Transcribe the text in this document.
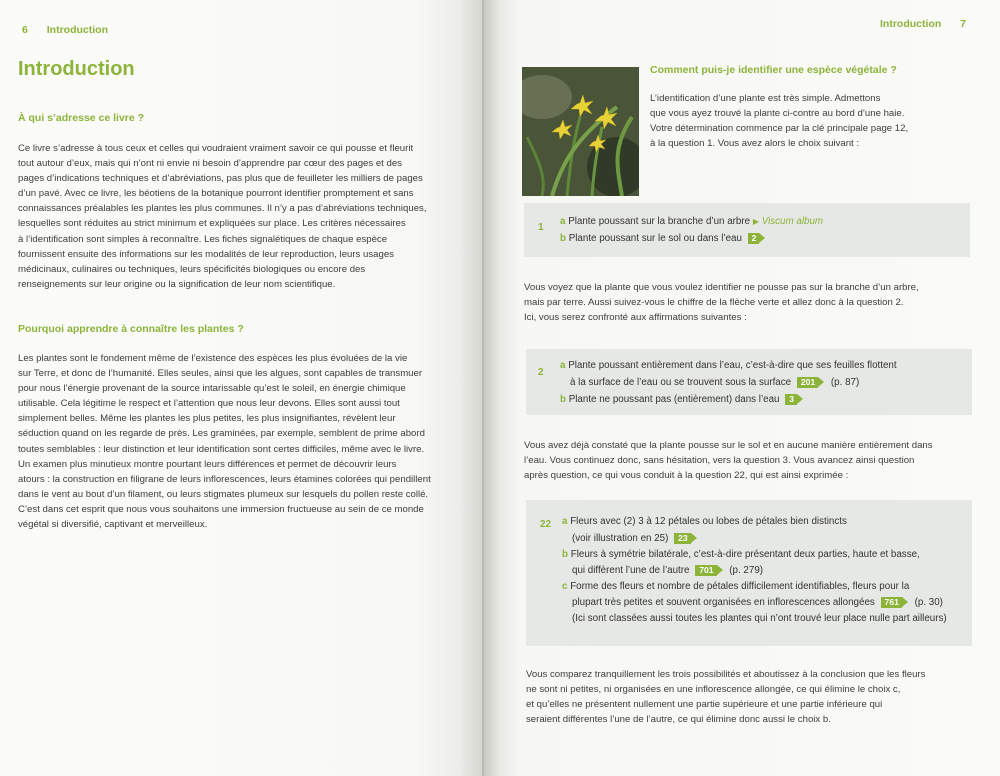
6 Introduction
Introduction
À qui s’adresse ce livre ?
Ce livre s’adresse à tous ceux et celles qui voudraient vraiment savoir ce qui pousse et fleurit
tout autour d’eux, mais qui n’ont ni envie ni besoin d’apprendre par cœur des pages et des
pages d’indications techniques et d’abréviations, pas plus que de feuilleter les milliers de pages
d’un pavé. Avec ce livre, les béotiens de la botanique pourront identifier promptement et sans
connaissances préalables les plantes les plus communes. Il n’y a pas d’abréviations techniques,
lesquelles sont réduites au strict minimum et expliquées sur place. Les critères nécessaires
à l’identification sont simples à reconnaître. Les fiches signalétiques de chaque espèce
fournissent ensuite des informations sur les modalités de leur reproduction, leurs usages
médicinaux, culinaires ou techniques, leurs spécificités biologiques ou encore des
renseignements sur leur origine ou la signification de leur nom scientifique.
Pourquoi apprendre à connaître les plantes ?
Les plantes sont le fondement même de l’existence des espèces les plus évoluées de la vie
sur Terre, et donc de l’humanité. Elles seules, ainsi que les algues, sont capables de transmuer
pour nous l’énergie provenant de la source intarissable qu’est le soleil, en énergie chimique
utilisable. Cela légitime le respect et l’attention que nous leur devons. Elles sont aussi tout
simplement belles. Même les plantes les plus petites, les plus insignifiantes, révèlent leur
séduction quand on les regarde de près. Les graminées, par exemple, semblent de prime abord
toutes semblables : leur distinction et leur identification sont certes difficiles, même avec le livre.
Un examen plus minutieux montre pourtant leurs différences et permet de découvrir leurs
atours : la construction en filigrane de leurs inflorescences, leurs étamines colorées qui pendillent
dans le vent au bout d’un filament, ou leurs stigmates plumeux sur lesquels du pollen reste collé.
C’est dans cet esprit que nous vous souhaitons une immersion fructueuse au sein de ce monde
végétal si diversifié, captivant et merveilleux.
Introduction 7
Comment puis-je identifier une espèce végétale ?
L’identification d’une plante est très simple. Admettons
que vous ayez trouvé la plante ci-contre au bord d’une haie.
Votre détermination commence par la clé principale page 12,
à la question 1. Vous avez alors le choix suivant :
1
a Plante poussant sur la branche d’un arbre ▶ Viscum album
b Plante poussant sur le sol ou dans l’eau 2
Vous voyez que la plante que vous voulez identifier ne pousse pas sur la branche d’un arbre,
mais par terre. Aussi suivez-vous le chiffre de la flèche verte et allez donc à la question 2.
Ici, vous serez confronté aux affirmations suivantes :
2
a Plante poussant entièrement dans l’eau, c’est-à-dire que ses feuilles flottent
à la surface de l’eau ou se trouvent sous la surface 201 (p. 87)
b Plante ne poussant pas (entièrement) dans l’eau 3
Vous avez déjà constaté que la plante pousse sur le sol et en aucune manière entièrement dans
l’eau. Vous continuez donc, sans hésitation, vers la question 3. Vous avancez ainsi question
après question, ce qui vous conduit à la question 22, qui est ainsi exprimée :
22 a Fleurs avec (2) 3 à 12 pétales ou lobes de pétales bien distincts
(voir illustration en 25) 23
b Fleurs à symétrie bilatérale, c’est-à-dire présentant deux parties, haute et basse,
qui diffèrent l’une de l’autre 701 (p. 279)
c Forme des fleurs et nombre de pétales difficilement identifiables, fleurs pour la
plupart très petites et souvent organisées en inflorescences allongées 761 (p. 30)
(Ici sont classées aussi toutes les plantes qui n’ont trouvé leur place nulle part ailleurs)
Vous comparez tranquillement les trois possibilités et aboutissez à la conclusion que les fleurs
ne sont ni petites, ni organisées en une inflorescence allongée, ce qui élimine le choix c,
et qu’elles ne présentent nullement une partie supérieure et une partie inférieure qui
seraient différentes l’une de l’autre, ce qui élimine donc aussi le choix b.
